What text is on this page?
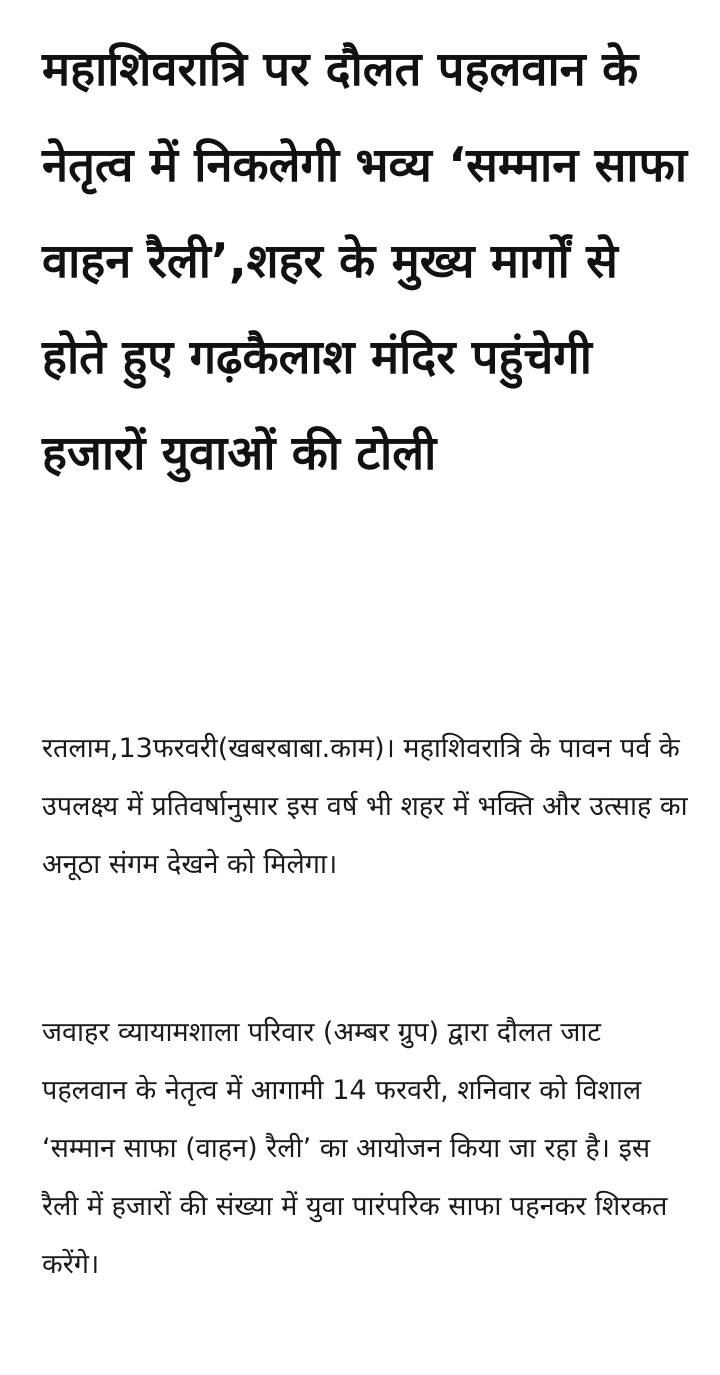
महाशिवरात्रि पर दौलत पहलवान के नेतृत्व में निकलेगी भव्य ‘सम्मान साफा वाहन रैली’,शहर के मुख्य मार्गों से होते हुए गढ़कैलाश मंदिर पहुंचेगी हजारों युवाओं की टोली

रतलाम,13फरवरी(खबरबाबा.काम)। महाशिवरात्रि के पावन पर्व के उपलक्ष्य में प्रतिवर्षानुसार इस वर्ष भी शहर में भक्ति और उत्साह का अनूठा संगम देखने को मिलेगा।

जवाहर व्यायामशाला परिवार (अम्बर ग्रुप) द्वारा दौलत जाट पहलवान के नेतृत्व में आगामी 14 फरवरी, शनिवार को विशाल ‘सम्मान साफा (वाहन) रैली’ का आयोजन किया जा रहा है। इस रैली में हजारों की संख्या में युवा पारंपरिक साफा पहनकर शिरकत करेंगे।
